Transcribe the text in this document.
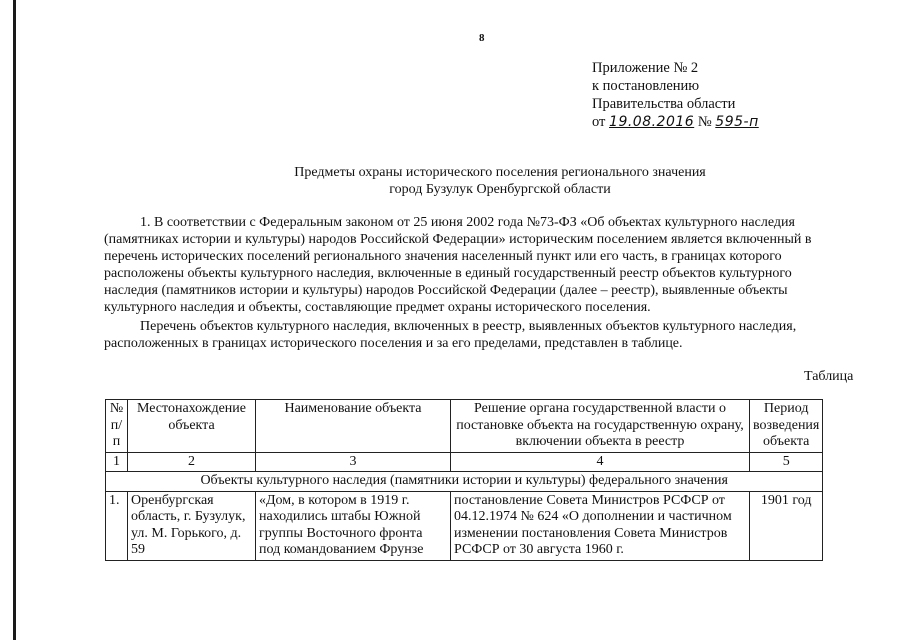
8
Приложение № 2
к постановлению
Правительства области
от 19.08.2016 № 595-п
Предметы охраны исторического поселения регионального значения
город Бузулук Оренбургской области
1. В соответствии с Федеральным законом от 25 июня 2002 года №73-ФЗ «Об объектах культурного наследия
(памятниках истории и культуры) народов Российской Федерации» историческим поселением является включенный в
перечень исторических поселений регионального значения населенный пункт или его часть, в границах которого
расположены объекты культурного наследия, включенные в единый государственный реестр объектов культурного
наследия (памятников истории и культуры) народов Российской Федерации (далее – реестр), выявленные объекты
культурного наследия и объекты, составляющие предмет охраны исторического поселения.
Перечень объектов культурного наследия, включенных в реестр, выявленных объектов культурного наследия,
расположенных в границах исторического поселения и за его пределами, представлен в таблице.
Таблица
№ п/п	Местонахождение объекта	Наименование объекта	Решение органа государственной власти о постановке объекта на государственную охрану, включении объекта в реестр	Период возведения объекта
1	2	3	4	5
Объекты культурного наследия (памятники истории и культуры) федерального значения				
1.	Оренбургская область, г. Бузулук, ул. М. Горького, д. 59	«Дом, в котором в 1919 г. находились штабы Южной группы Восточного фронта под командованием Фрунзе	постановление Совета Министров РСФСР от 04.12.1974 № 624 «О дополнении и частичном изменении постановления Совета Министров РСФСР от 30 августа 1960 г.	1901 год
